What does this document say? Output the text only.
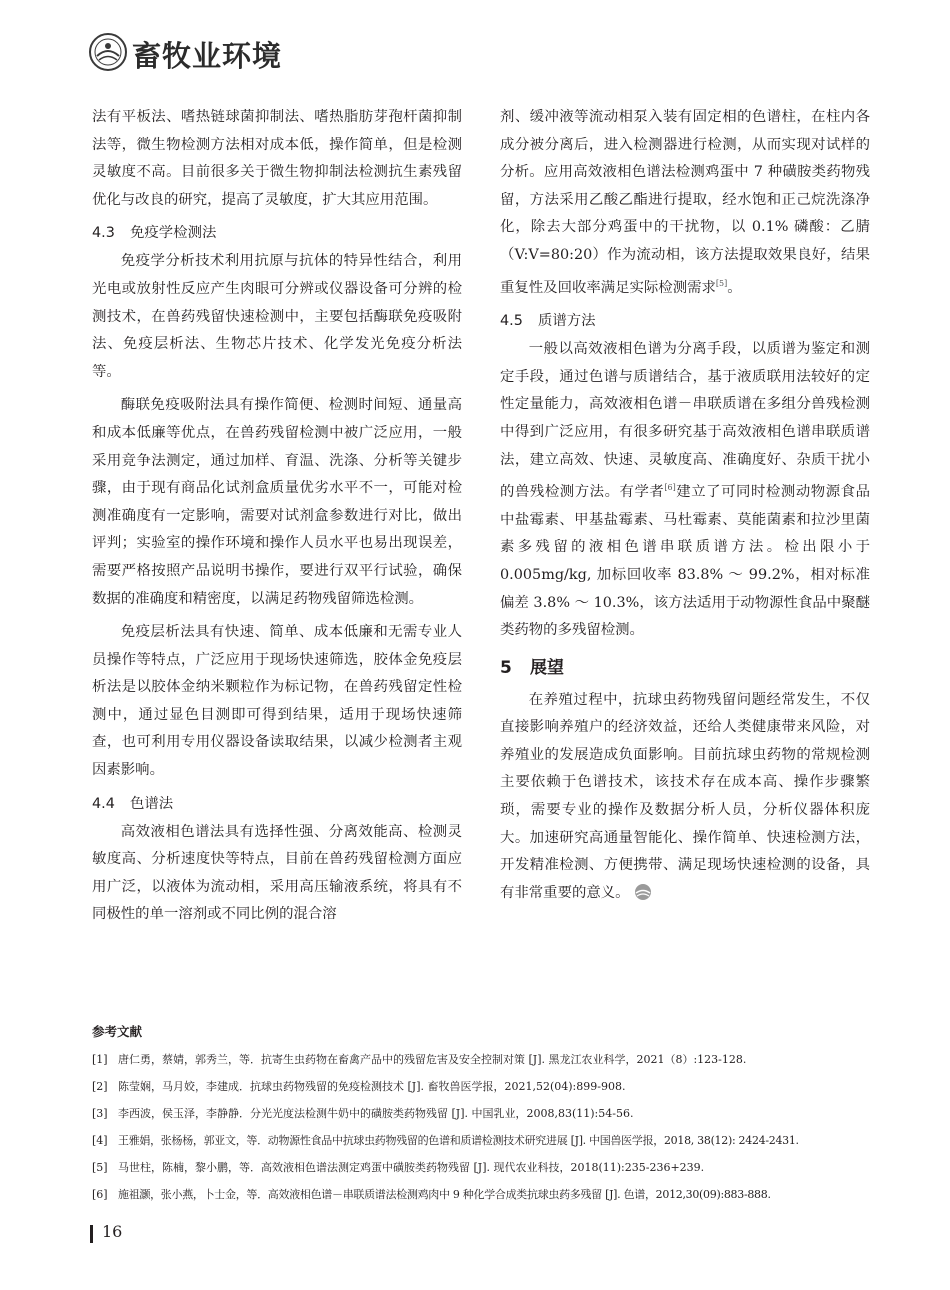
畜牧业环境

法有平板法、嗜热链球菌抑制法、嗜热脂肪芽孢杆菌抑制法等，微生物检测方法相对成本低，操作简单，但是检测灵敏度不高。目前很多关于微生物抑制法检测抗生素残留优化与改良的研究，提高了灵敏度，扩大其应用范围。

4.3 免疫学检测法

免疫学分析技术利用抗原与抗体的特异性结合，利用光电或放射性反应产生肉眼可分辨或仪器设备可分辨的检测技术，在兽药残留快速检测中，主要包括酶联免疫吸附法、免疫层析法、生物芯片技术、化学发光免疫分析法等。

酶联免疫吸附法具有操作简便、检测时间短、通量高和成本低廉等优点，在兽药残留检测中被广泛应用，一般采用竞争法测定，通过加样、育温、洗涤、分析等关键步骤，由于现有商品化试剂盒质量优劣水平不一，可能对检测准确度有一定影响，需要对试剂盒参数进行对比，做出评判；实验室的操作环境和操作人员水平也易出现误差，需要严格按照产品说明书操作，要进行双平行试验，确保数据的准确度和精密度，以满足药物残留筛选检测。

免疫层析法具有快速、简单、成本低廉和无需专业人员操作等特点，广泛应用于现场快速筛选，胶体金免疫层析法是以胶体金纳米颗粒作为标记物，在兽药残留定性检测中，通过显色目测即可得到结果，适用于现场快速筛查，也可利用专用仪器设备读取结果，以减少检测者主观因素影响。

4.4 色谱法

高效液相色谱法具有选择性强、分离效能高、检测灵敏度高、分析速度快等特点，目前在兽药残留检测方面应用广泛，以液体为流动相，采用高压输液系统，将具有不同极性的单一溶剂或不同比例的混合溶

剂、缓冲液等流动相泵入装有固定相的色谱柱，在柱内各成分被分离后，进入检测器进行检测，从而实现对试样的分析。应用高效液相色谱法检测鸡蛋中 7 种磺胺类药物残留，方法采用乙酸乙酯进行提取，经水饱和正己烷洗涤净化，除去大部分鸡蛋中的干扰物，以 0.1% 磷酸：乙腈（V:V=80:20）作为流动相，该方法提取效果良好，结果重复性及回收率满足实际检测需求[5]。

4.5 质谱方法

一般以高效液相色谱为分离手段，以质谱为鉴定和测定手段，通过色谱与质谱结合，基于液质联用法较好的定性定量能力，高效液相色谱－串联质谱在多组分兽残检测中得到广泛应用，有很多研究基于高效液相色谱串联质谱法，建立高效、快速、灵敏度高、准确度好、杂质干扰小的兽残检测方法。有学者[6]建立了可同时检测动物源食品中盐霉素、甲基盐霉素、马杜霉素、莫能菌素和拉沙里菌素多残留的液相色谱串联质谱方法。检出限小于 0.005mg/kg, 加标回收率 83.8% ～ 99.2%，相对标准偏差 3.8% ～ 10.3%，该方法适用于动物源性食品中聚醚类药物的多残留检测。

5 展望

在养殖过程中，抗球虫药物残留问题经常发生，不仅直接影响养殖户的经济效益，还给人类健康带来风险，对养殖业的发展造成负面影响。目前抗球虫药物的常规检测主要依赖于色谱技术，该技术存在成本高、操作步骤繁琐，需要专业的操作及数据分析人员，分析仪器体积庞大。加速研究高通量智能化、操作简单、快速检测方法，开发精准检测、方便携带、满足现场快速检测的设备，具有非常重要的意义。

参考文献
[1] 唐仁勇，蔡婧，郭秀兰，等．抗寄生虫药物在畜禽产品中的残留危害及安全控制对策 [J]. 黑龙江农业科学，2021（8）:123-128.
[2] 陈莹娴，马月姣，李建成．抗球虫药物残留的免疫检测技术 [J]. 畜牧兽医学报，2021,52(04):899-908.
[3] 李西波，侯玉泽，李静静．分光光度法检测牛奶中的磺胺类药物残留 [J]. 中国乳业，2008,83(11):54-56.
[4] 王雅娟，张杨杨，郭亚文，等．动物源性食品中抗球虫药物残留的色谱和质谱检测技术研究进展 [J]. 中国兽医学报，2018, 38(12): 2424-2431.
[5] 马世柱，陈楠，黎小鹏，等．高效液相色谱法测定鸡蛋中磺胺类药物残留 [J]. 现代农业科技，2018(11):235-236+239.
[6] 施祖灏，张小燕，卜士金，等．高效液相色谱－串联质谱法检测鸡肉中 9 种化学合成类抗球虫药多残留 [J]. 色谱，2012,30(09):883-888.
16
